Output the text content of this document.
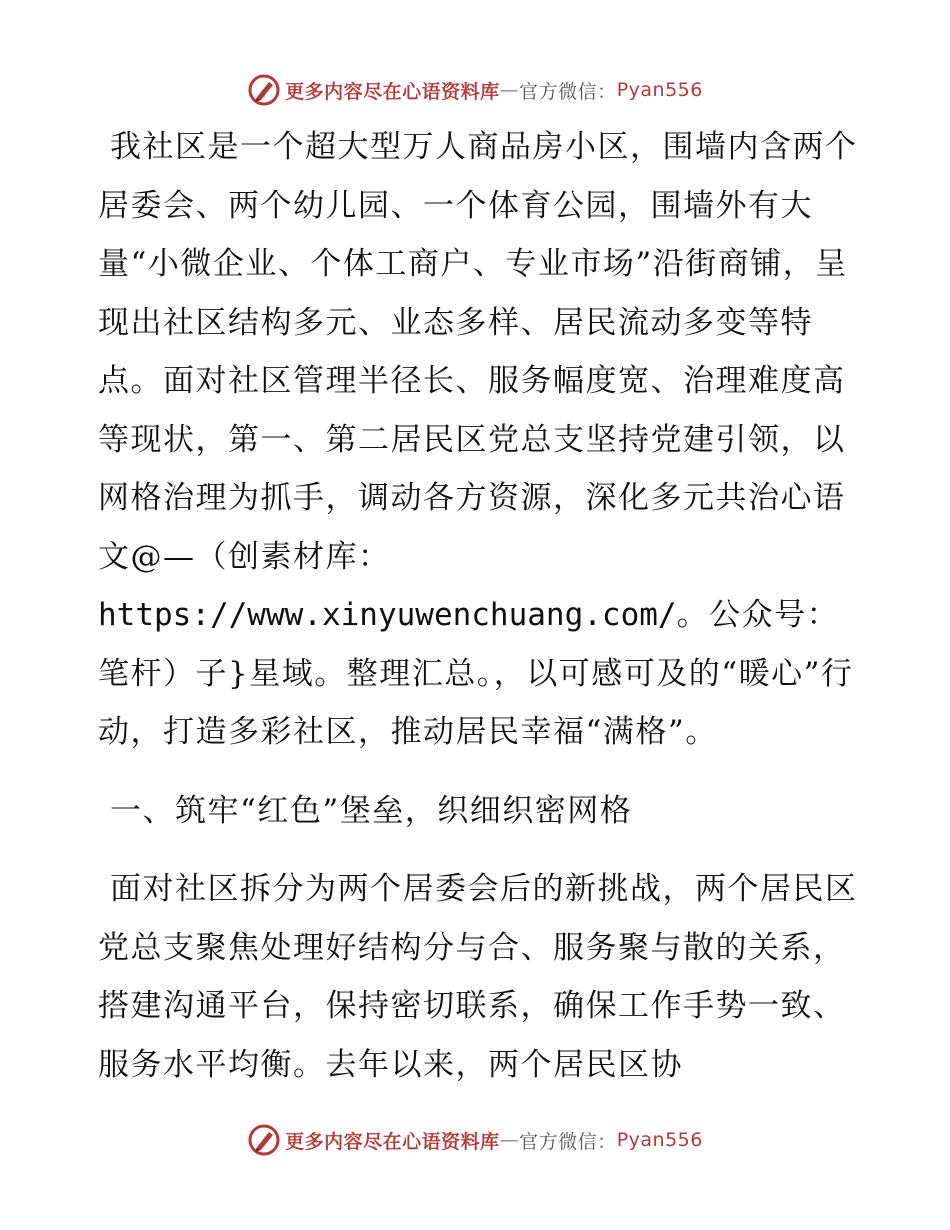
更多内容尽在心语资料库 — 官方微信： Pyan556

我社区是一个超大型万人商品房小区，围墙内含两个居委会、两个幼儿园、一个体育公园，围墙外有大量“小微企业、个体工商户、专业市场”沿街商铺，呈现出社区结构多元、业态多样、居民流动多变等特点。面对社区管理半径长、服务幅度宽、治理难度高等现状，第一、第二居民区党总支坚持党建引领，以网格治理为抓手，调动各方资源，深化多元共治心语文@—（创素材库：https://www.xinyuwenchuang.com/。公众号：笔杆）子}星域。整理汇总。，以可感可及的“暖心”行动，打造多彩社区，推动居民幸福“满格”。

一、筑牢“红色”堡垒，织细织密网格

面对社区拆分为两个居委会后的新挑战，两个居民区党总支聚焦处理好结构分与合、服务聚与散的关系，搭建沟通平台，保持密切联系，确保工作手势一致、服务水平均衡。去年以来，两个居民区协

更多内容尽在心语资料库 — 官方微信： Pyan556
